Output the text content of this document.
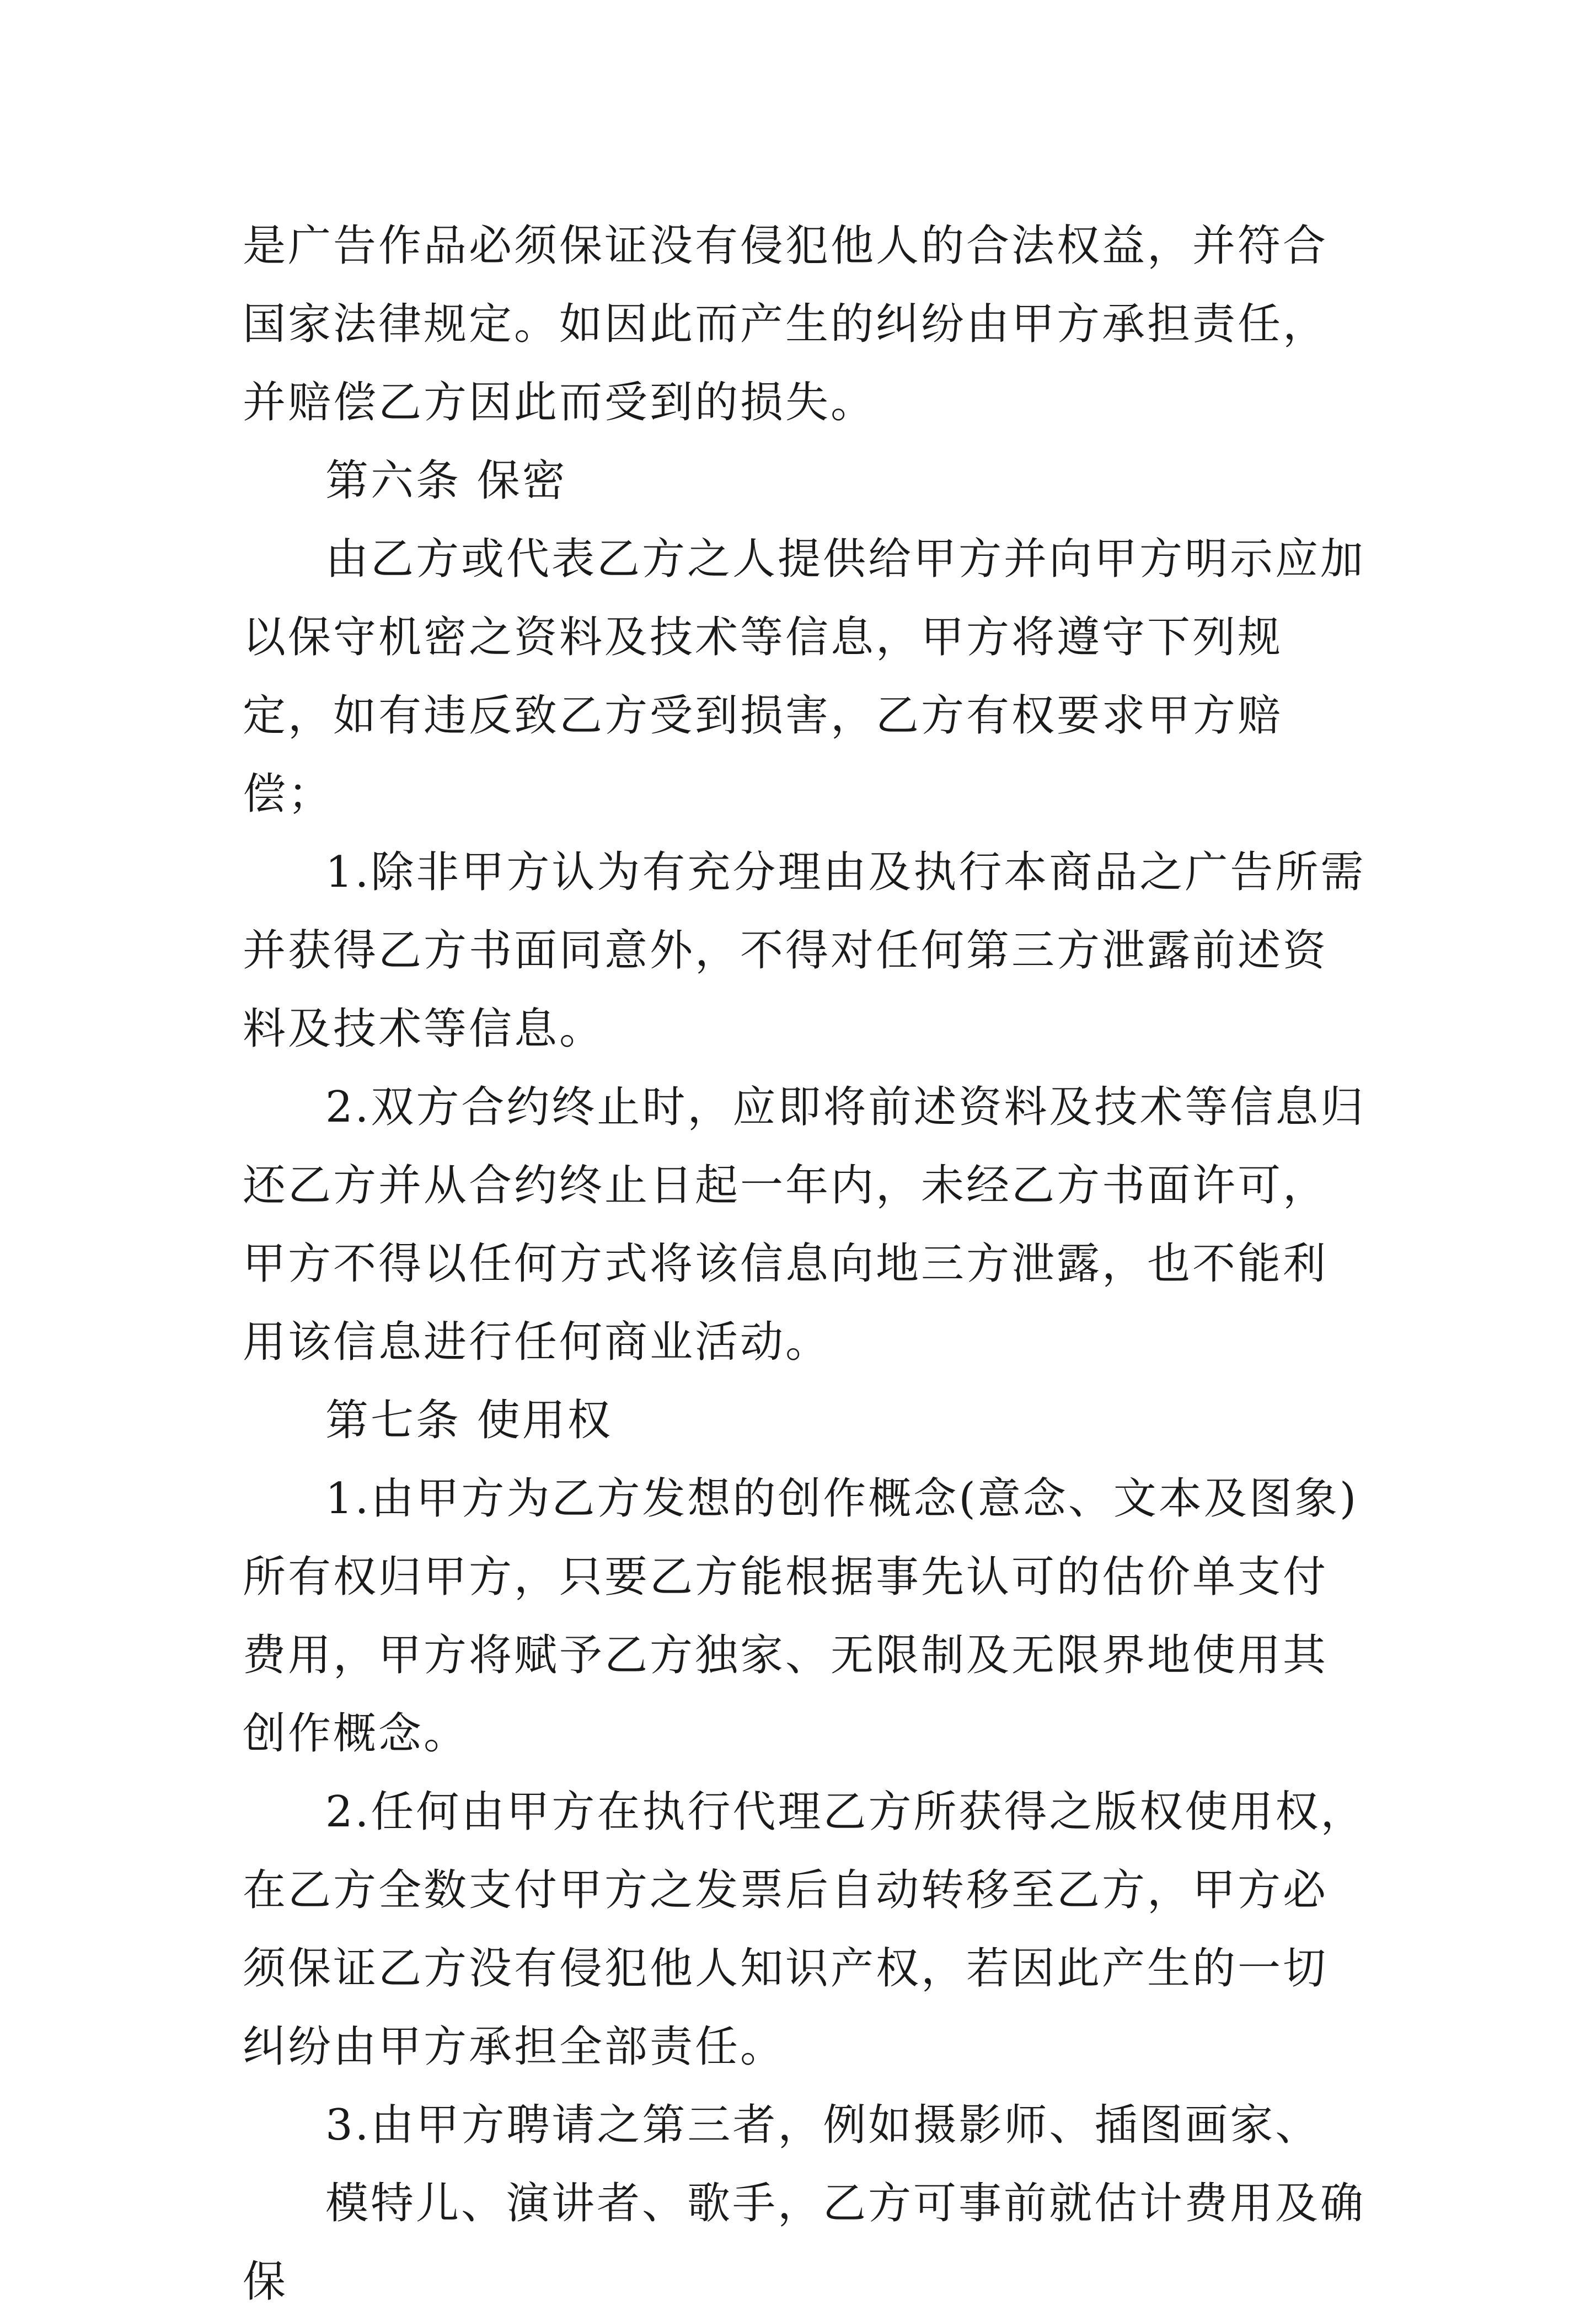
是广告作品必须保证没有侵犯他人的合法权益，并符合国家法律规定。如因此而产生的纠纷由甲方承担责任，并赔偿乙方因此而受到的损失。

第六条 保密

由乙方或代表乙方之人提供给甲方并向甲方明示应加以保守机密之资料及技术等信息，甲方将遵守下列规定，如有违反致乙方受到损害，乙方有权要求甲方赔偿；

1.除非甲方认为有充分理由及执行本商品之广告所需并获得乙方书面同意外，不得对任何第三方泄露前述资料及技术等信息。

2.双方合约终止时，应即将前述资料及技术等信息归还乙方并从合约终止日起一年内，未经乙方书面许可，甲方不得以任何方式将该信息向地三方泄露，也不能利用该信息进行任何商业活动。

第七条 使用权

1.由甲方为乙方发想的创作概念(意念、文本及图象)所有权归甲方，只要乙方能根据事先认可的估价单支付费用，甲方将赋予乙方独家、无限制及无限界地使用其创作概念。

2.任何由甲方在执行代理乙方所获得之版权使用权，在乙方全数支付甲方之发票后自动转移至乙方，甲方必须保证乙方没有侵犯他人知识产权，若因此产生的一切纠纷由甲方承担全部责任。

3.由甲方聘请之第三者，例如摄影师、插图画家、

模特儿、演讲者、歌手，乙方可事前就估计费用及确保
